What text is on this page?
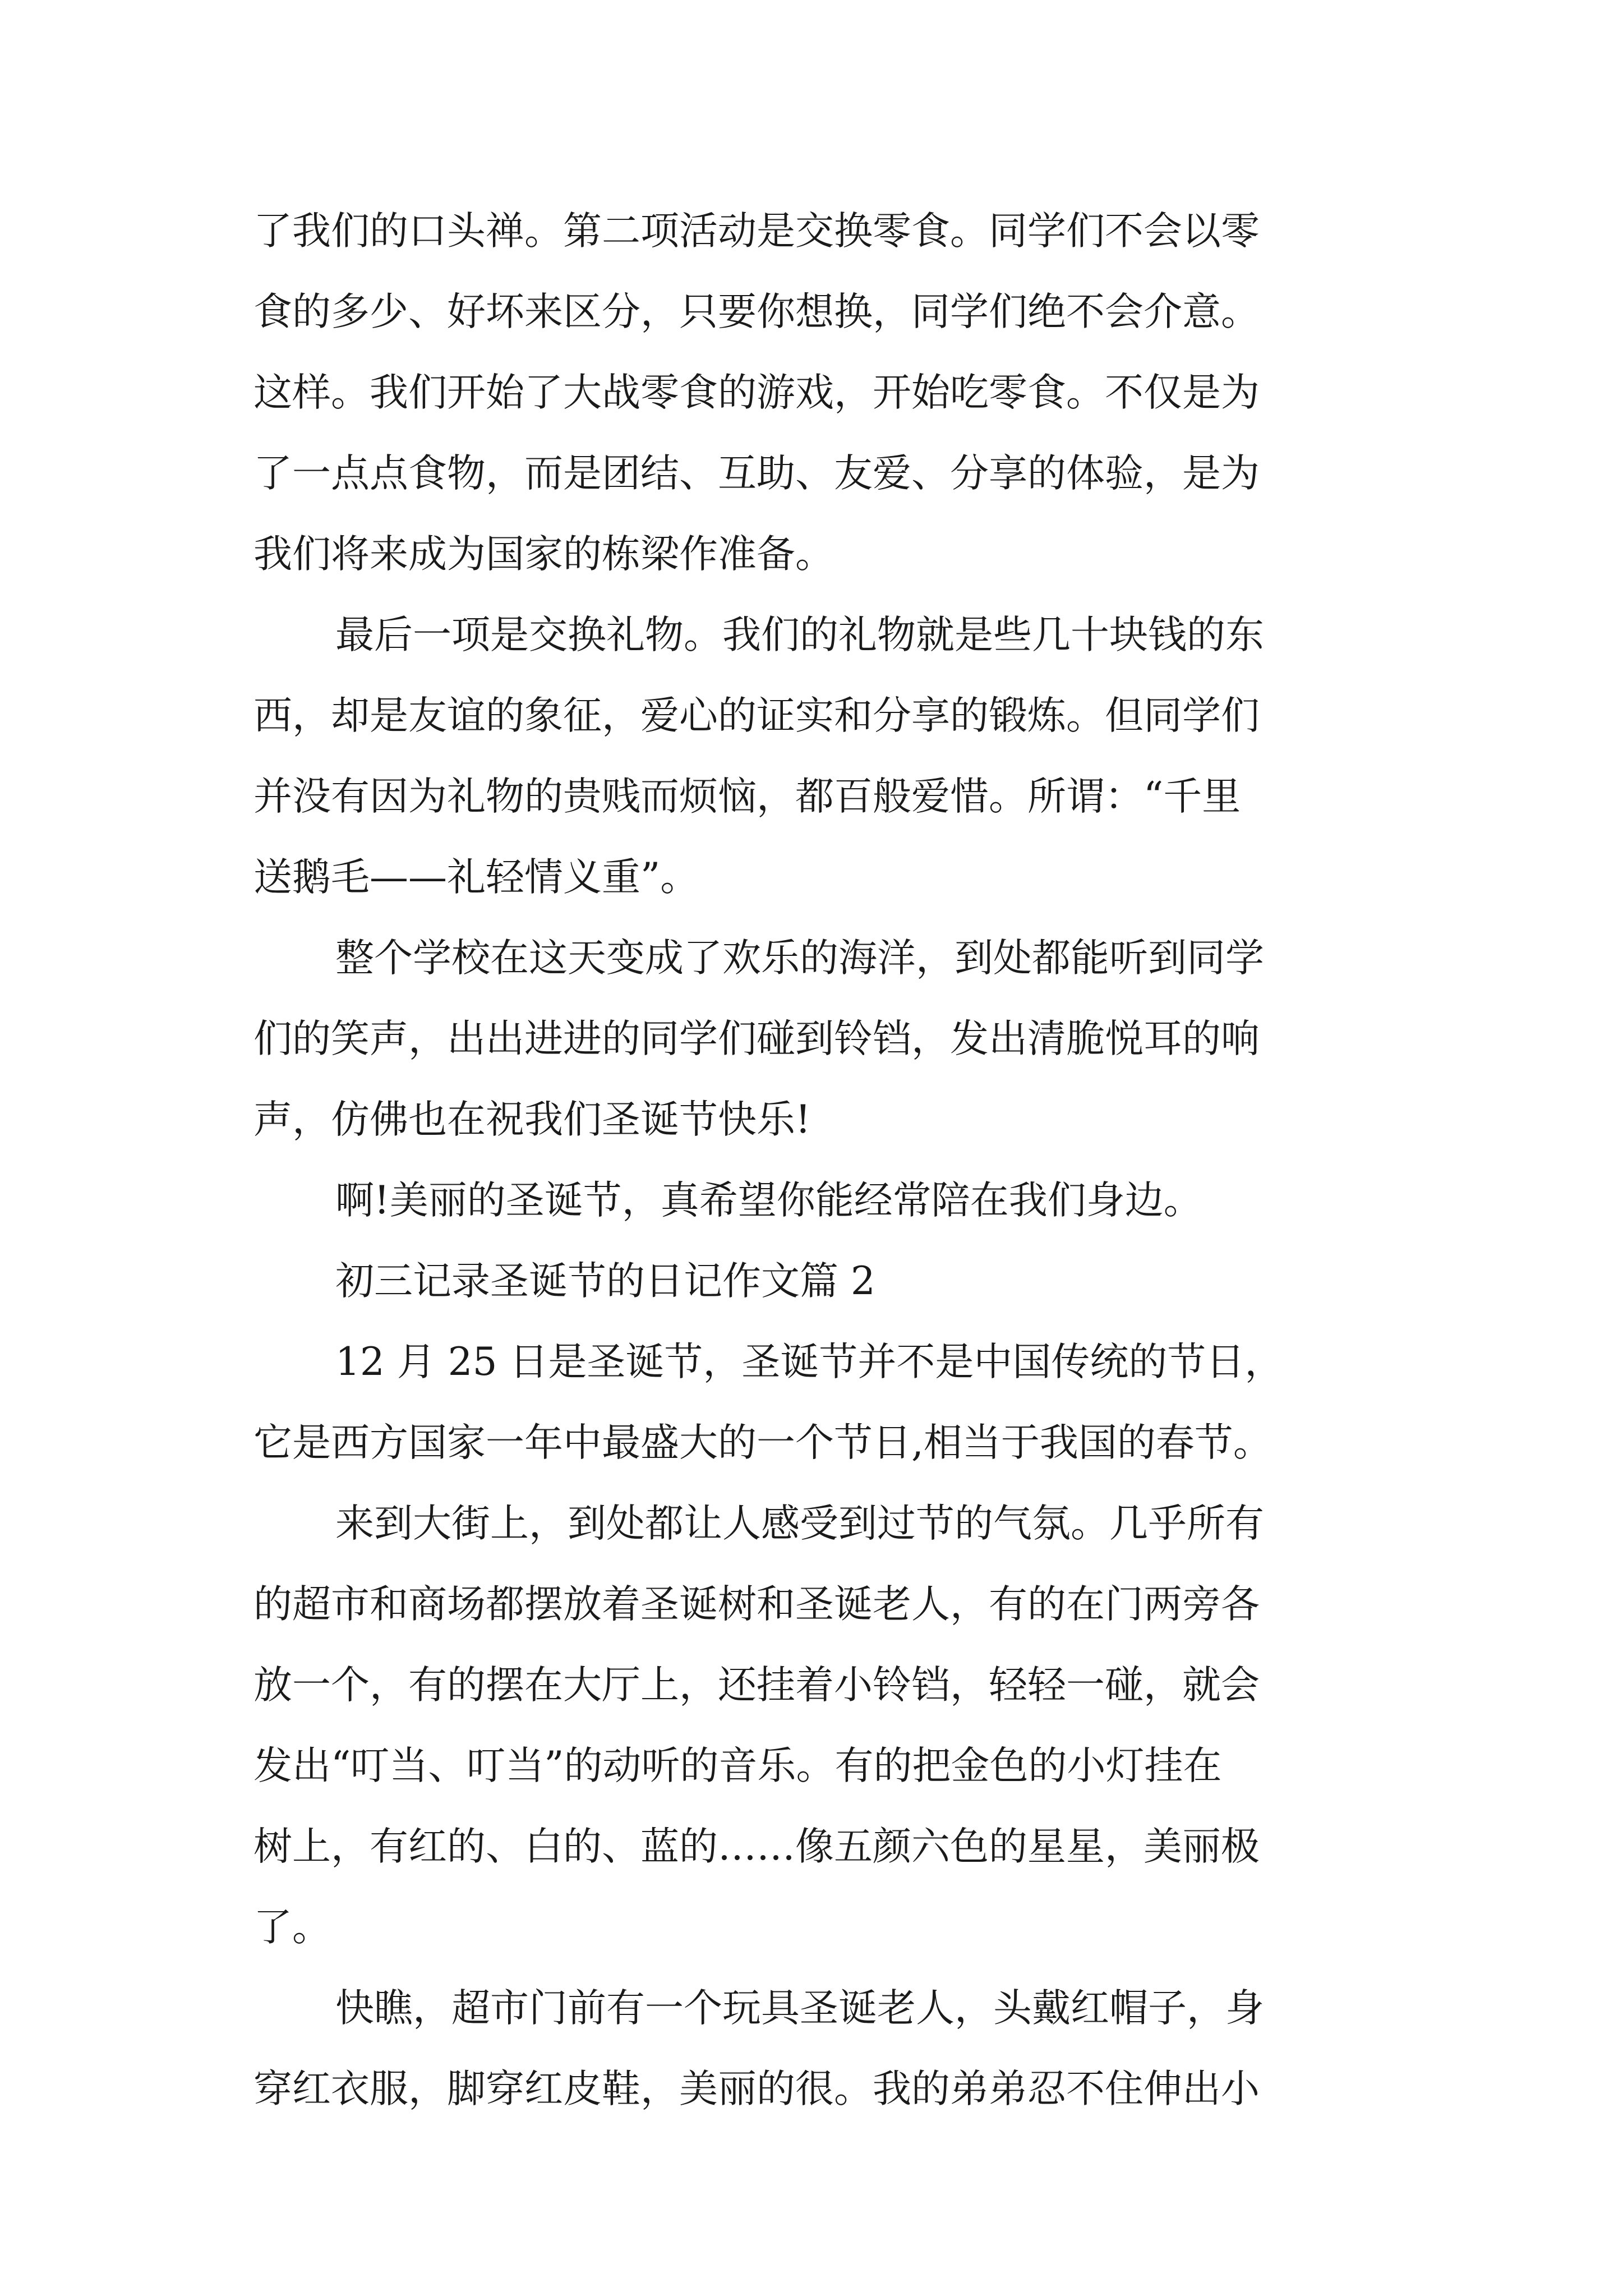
了我们的口头禅。第二项活动是交换零食。同学们不会以零
食的多少、好坏来区分，只要你想换，同学们绝不会介意。
这样。我们开始了大战零食的游戏，开始吃零食。不仅是为
了一点点食物，而是团结、互助、友爱、分享的体验，是为
我们将来成为国家的栋梁作准备。
最后一项是交换礼物。我们的礼物就是些几十块钱的东
西，却是友谊的象征，爱心的证实和分享的锻炼。但同学们
并没有因为礼物的贵贱而烦恼，都百般爱惜。所谓：“千里
送鹅毛——礼轻情义重”。
整个学校在这天变成了欢乐的海洋，到处都能听到同学
们的笑声，出出进进的同学们碰到铃铛，发出清脆悦耳的响
声，仿佛也在祝我们圣诞节快乐!
啊!美丽的圣诞节，真希望你能经常陪在我们身边。
初三记录圣诞节的日记作文篇 2
12 月 25 日是圣诞节，圣诞节并不是中国传统的节日，
它是西方国家一年中最盛大的一个节日,相当于我国的春节。
来到大街上，到处都让人感受到过节的气氛。几乎所有
的超市和商场都摆放着圣诞树和圣诞老人，有的在门两旁各
放一个，有的摆在大厅上，还挂着小铃铛，轻轻一碰，就会
发出“叮当、叮当”的动听的音乐。有的把金色的小灯挂在
树上，有红的、白的、蓝的……像五颜六色的星星，美丽极
了。
快瞧，超市门前有一个玩具圣诞老人，头戴红帽子，身
穿红衣服，脚穿红皮鞋，美丽的很。我的弟弟忍不住伸出小
